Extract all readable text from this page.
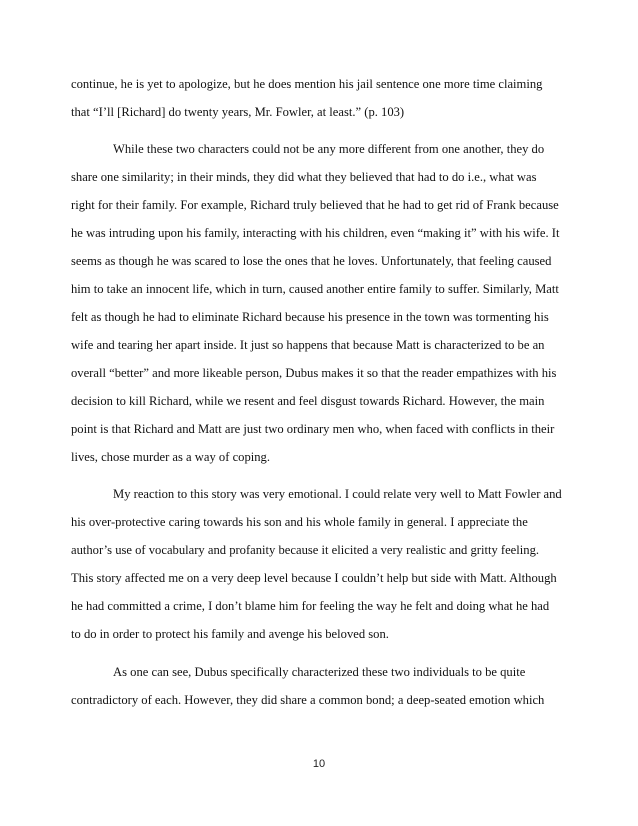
continue, he is yet to apologize, but he does mention his jail sentence one more time claiming
that “I’ll [Richard] do twenty years, Mr. Fowler, at least.” (p. 103)
While these two characters could not be any more different from one another, they do
share one similarity; in their minds, they did what they believed that had to do i.e., what was
right for their family. For example, Richard truly believed that he had to get rid of Frank because
he was intruding upon his family, interacting with his children, even “making it” with his wife. It
seems as though he was scared to lose the ones that he loves. Unfortunately, that feeling caused
him to take an innocent life, which in turn, caused another entire family to suffer. Similarly, Matt
felt as though he had to eliminate Richard because his presence in the town was tormenting his
wife and tearing her apart inside. It just so happens that because Matt is characterized to be an
overall “better” and more likeable person, Dubus makes it so that the reader empathizes with his
decision to kill Richard, while we resent and feel disgust towards Richard. However, the main
point is that Richard and Matt are just two ordinary men who, when faced with conflicts in their
lives, chose murder as a way of coping.
My reaction to this story was very emotional. I could relate very well to Matt Fowler and
his over-protective caring towards his son and his whole family in general. I appreciate the
author’s use of vocabulary and profanity because it elicited a very realistic and gritty feeling.
This story affected me on a very deep level because I couldn’t help but side with Matt. Although
he had committed a crime, I don’t blame him for feeling the way he felt and doing what he had
to do in order to protect his family and avenge his beloved son.
As one can see, Dubus specifically characterized these two individuals to be quite
contradictory of each. However, they did share a common bond; a deep-seated emotion which
10
